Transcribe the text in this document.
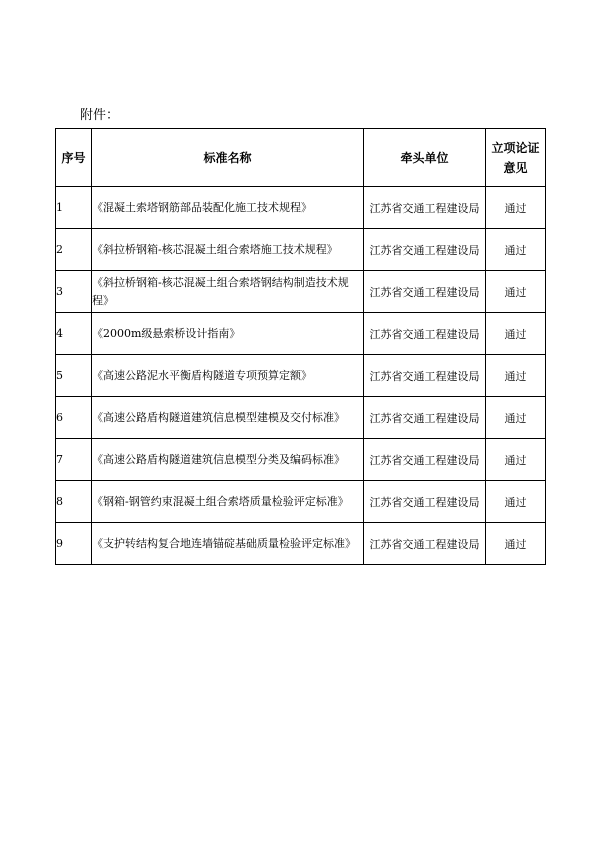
附件：
序号	标准名称	牵头单位	立项论证
意见

1	《混凝土索塔钢筋部品装配化施工技术规程》	江苏省交通工程建设局	通过
2	《斜拉桥钢箱-核芯混凝土组合索塔施工技术规程》	江苏省交通工程建设局	通过
3	《斜拉桥钢箱-核芯混凝土组合索塔钢结构制造技术规程》	江苏省交通工程建设局	通过
4	《2000m级悬索桥设计指南》	江苏省交通工程建设局	通过
5	《高速公路泥水平衡盾构隧道专项预算定额》	江苏省交通工程建设局	通过
6	《高速公路盾构隧道建筑信息模型建模及交付标准》	江苏省交通工程建设局	通过
7	《高速公路盾构隧道建筑信息模型分类及编码标准》	江苏省交通工程建设局	通过
8	《钢箱-钢管约束混凝土组合索塔质量检验评定标准》	江苏省交通工程建设局	通过
9	《支护转结构复合地连墙锚碇基础质量检验评定标准》	江苏省交通工程建设局	通过
